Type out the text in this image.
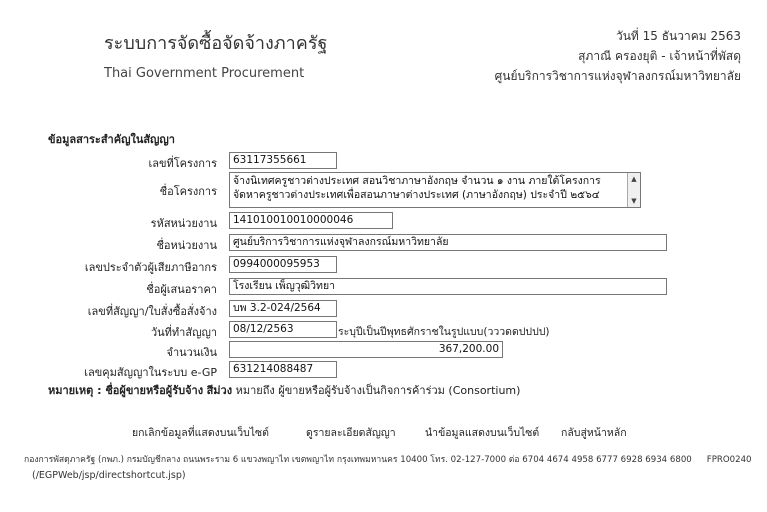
ระบบการจัดซื้อจัดจ้างภาครัฐ
Thai Government Procurement
วันที่ 15 ธันวาคม 2563
สุภาณี ครองยุติ - เจ้าหน้าที่พัสดุ
ศูนย์บริการวิชาการแห่งจุฬาลงกรณ์มหาวิทยาลัย
ข้อมูลสาระสำคัญในสัญญา
เลขที่โครงการ	63117355661
ชื่อโครงการ
จ้างนิเทศครูชาวต่างประเทศ สอนวิชาภาษาอังกฤษ จำนวน ๑ งาน ภายใต้โครงการ
จัดหาครูชาวต่างประเทศเพื่อสอนภาษาต่างประเทศ (ภาษาอังกฤษ) ประจำปี ๒๕๖๔
▲
▼
รหัสหน่วยงาน	141010010010000046
ชื่อหน่วยงาน	ศูนย์บริการวิชาการแห่งจุฬาลงกรณ์มหาวิทยาลัย
เลขประจำตัวผู้เสียภาษีอากร	0994000095953
ชื่อผู้เสนอราคา	โรงเรียน เพ็ญวุฒิวิทยา
เลขที่สัญญา/ใบสั่งซื้อสั่งจ้าง	บพ 3.2-024/2564
วันที่ทำสัญญา	08/12/2563	ระบุปีเป็นปีพุทธศักราชในรูปแบบ(วววดดปปปป)
จำนวนเงิน	367,200.00
เลขคุมสัญญาในระบบ e-GP	631214088487
หมายเหตุ : ชื่อผู้ขายหรือผู้รับจ้าง สีม่วง หมายถึง ผู้ขายหรือผู้รับจ้างเป็นกิจการค้าร่วม (Consortium)
ยกเลิกข้อมูลที่แสดงบนเว็บไซต์	ดูรายละเอียดสัญญา	นำข้อมูลแสดงบนเว็บไซต์ กลับสู่หน้าหลัก
กองการพัสดุภาครัฐ (กพภ.) กรมบัญชีกลาง ถนนพระราม 6 แขวงพญาไท เขตพญาไท กรุงเทพมหานคร 10400 โทร. 02-127-7000 ต่อ 6704 4674 4958 6777 6928 6934 6800 FPRO0240
(/EGPWeb/jsp/directshortcut.jsp)
